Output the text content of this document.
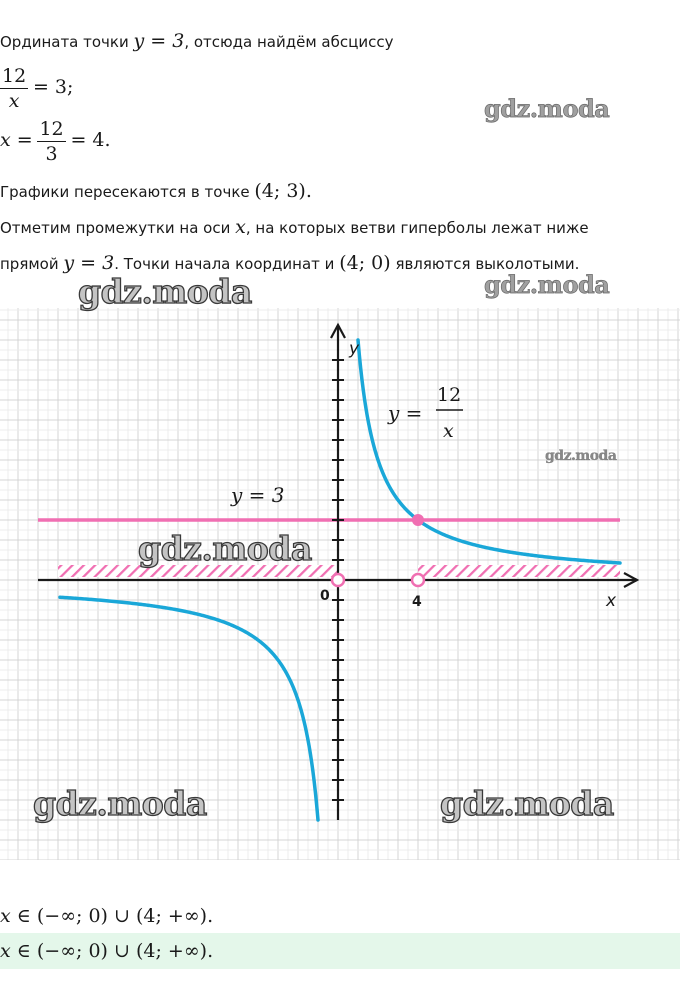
Ордината точки y = 3, отсюда найдём абсциссу
$\frac{12}{x} = 3$;
$x = \frac{12}{3} = 4$.
Графики пересекаются в точке (4; 3).
Отметим промежутки на оси x, на которых ветви гиперболы лежат ниже
прямой y = 3. Точки начала координат и (4; 0) являются выколотыми.
y
x
0	4
y = 3
y =
12
x
gdz.moda
gdz.moda	gdz.moda
gdz.moda
gdz.moda
gdz.moda	gdz.moda
x ∈ (−∞; 0) ∪ (4; +∞).
x ∈ (−∞; 0) ∪ (4; +∞).
